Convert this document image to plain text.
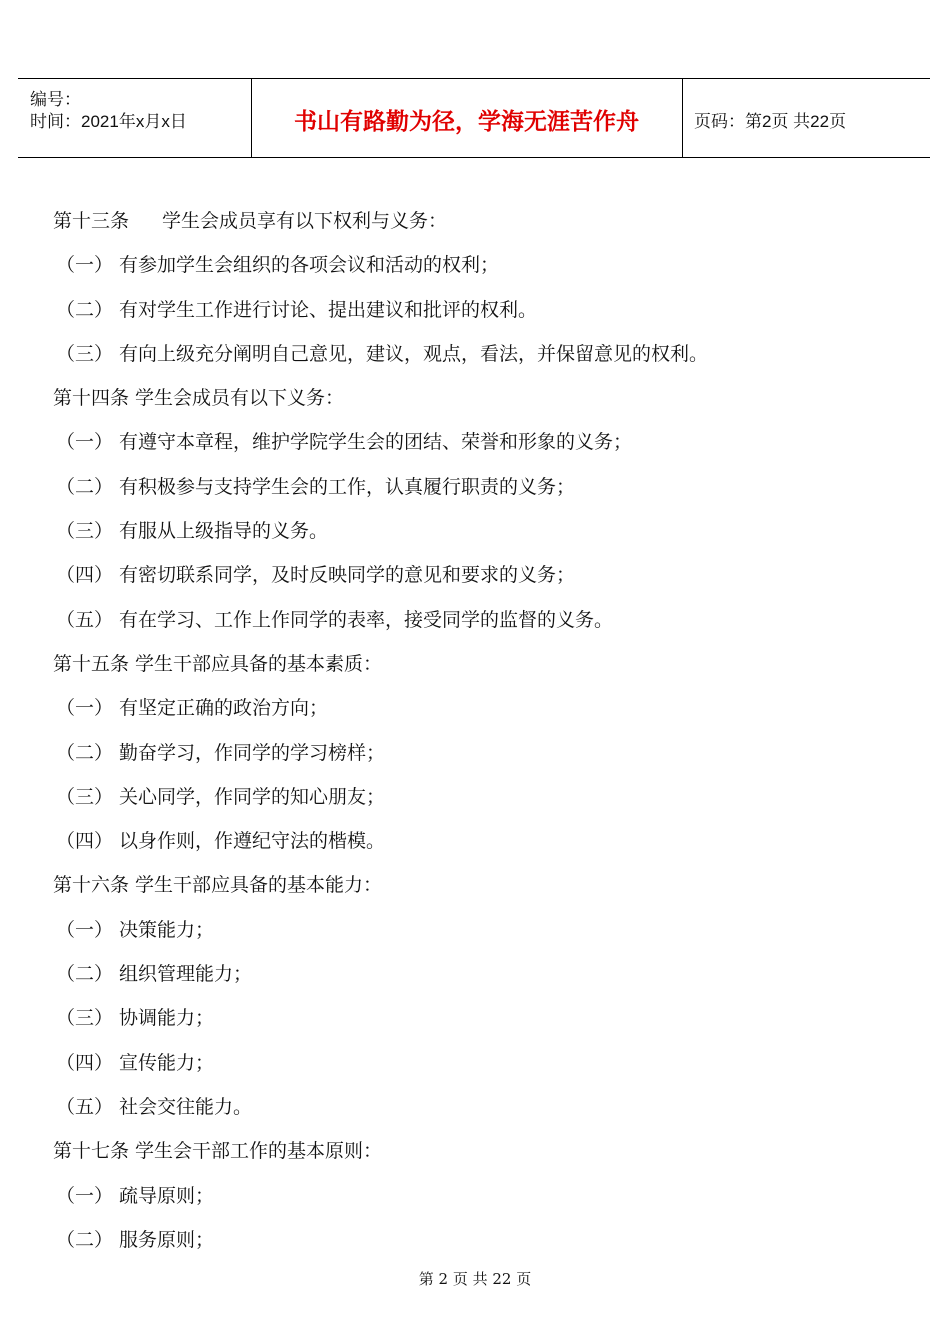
编号：
时间：2021年x月x日	书山有路勤为径，学海无涯苦作舟	页码：第2页 共22页
第十三条 学生会成员享有以下权利与义务：
（一） 有参加学生会组织的各项会议和活动的权利；
（二） 有对学生工作进行讨论、提出建议和批评的权利。
（三） 有向上级充分阐明自己意见，建议，观点，看法，并保留意见的权利。
第十四条 学生会成员有以下义务：
（一） 有遵守本章程，维护学院学生会的团结、荣誉和形象的义务；
（二） 有积极参与支持学生会的工作，认真履行职责的义务；
（三） 有服从上级指导的义务。
（四） 有密切联系同学，及时反映同学的意见和要求的义务；
（五） 有在学习、工作上作同学的表率，接受同学的监督的义务。
第十五条 学生干部应具备的基本素质：
（一） 有坚定正确的政治方向；
（二） 勤奋学习，作同学的学习榜样；
（三） 关心同学，作同学的知心朋友；
（四） 以身作则，作遵纪守法的楷模。
第十六条 学生干部应具备的基本能力：
（一） 决策能力；
（二） 组织管理能力；
（三） 协调能力；
（四） 宣传能力；
（五） 社会交往能力。
第十七条 学生会干部工作的基本原则：
（一） 疏导原则；
（二） 服务原则；
第 2 页 共 22 页
